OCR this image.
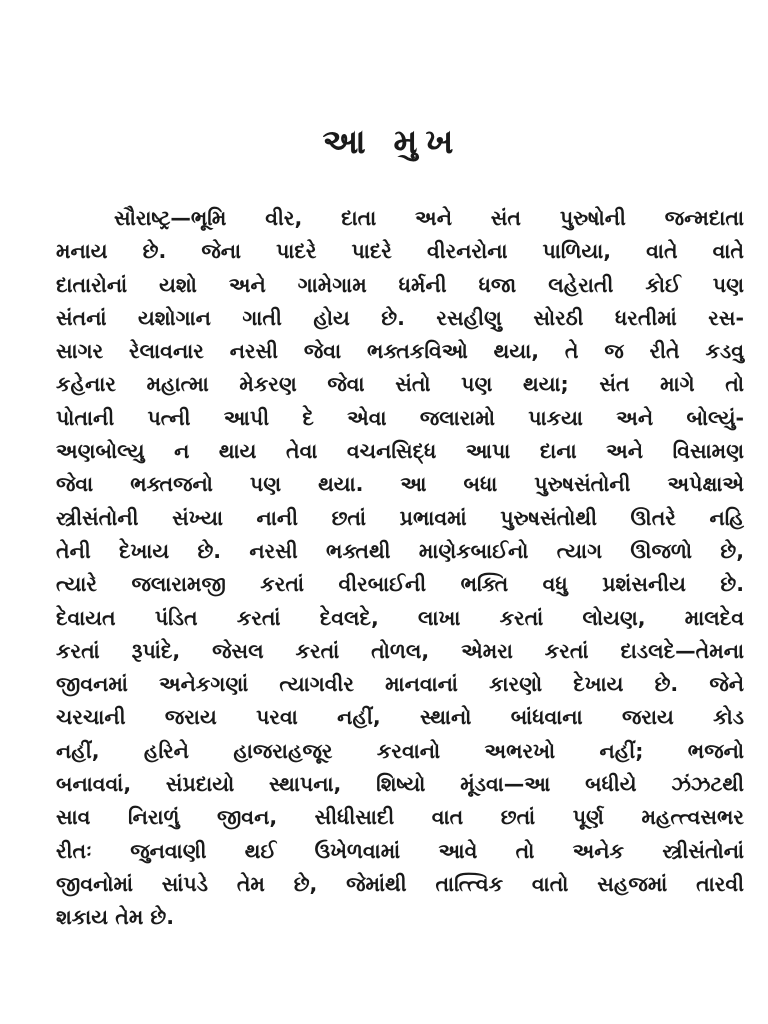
આ મુખ
સૌરાષ્ટ્ર—ભૂમિ વીર, દાતા અને સંત પુરુષોની જન્મદાતા
મનાય છે. જેના પાદરે પાદરે વીરનરોના પાળિયા, વાતે વાતે
દાતારોનાં યશો અને ગામેગામ ધર્મની ધજા લહેરાતી કોઈ પણ
સંતનાં યશોગાન ગાતી હોય છે. રસહીણુ સોરઠી ધરતીમાં રસ-
સાગર રેલાવનાર નરસી જેવા ભક્તકવિઓ થયા, તે જ રીતે કડવુ
કહેનાર મહાત્મા મેકરણ જેવા સંતો પણ થયા; સંત માગે તો
પોતાની પત્ની આપી દે એવા જલારામો પાકયા અને બોલ્યું-
અણબોલ્યુ ન થાય તેવા વચનસિદ્ધ આપા દાના અને વિસામણ
જેવા ભક્તજનો પણ થયા. આ બધા પુરુષસંતોની અપેક્ષાએ
સ્ત્રીસંતોની સંખ્યા નાની છતાં પ્રભાવમાં પુરુષસંતોથી ઊતરે નહિ
તેની દેખાય છે. નરસી ભક્તથી માણેકબાઈનો ત્યાગ ઊજળો છે,
ત્યારે જલારામજી કરતાં વીરબાઈની ભક્તિ વધુ પ્રશંસનીય છે.
દેવાયત પંડિત કરતાં દેવલદે, લાખા કરતાં લોયણ, માલદેવ
કરતાં રૂપાંદે, જેસલ કરતાં તોળલ, એમરા કરતાં દાડલદે—તેમના
જીવનમાં અનેકગણાં ત્યાગવીર માનવાનાં કારણો દેખાય છે. જેને
ચરચાની જરાય પરવા નહીં, સ્થાનો બાંધવાના જરાય કોડ
નહીં, હરિને હાજરાહજૂર કરવાનો અભરખો નહીં; ભજનો
બનાવવાં, સંપ્રદાયો સ્થાપના, શિષ્યો મૂંડવા—આ બધીયે ઝંઝટથી
સાવ નિરાળું જીવન, સીધીસાદી વાત છતાં પૂર્ણ મહત્ત્વસભર
રીતઃ જુનવાણી થઈ ઉખેળવામાં આવે તો અનેક સ્ત્રીસંતોનાં
જીવનોમાં સાંપડે તેમ છે, જેમાંથી તાત્ત્વિક વાતો સહજમાં તારવી
શકાય તેમ છે.
